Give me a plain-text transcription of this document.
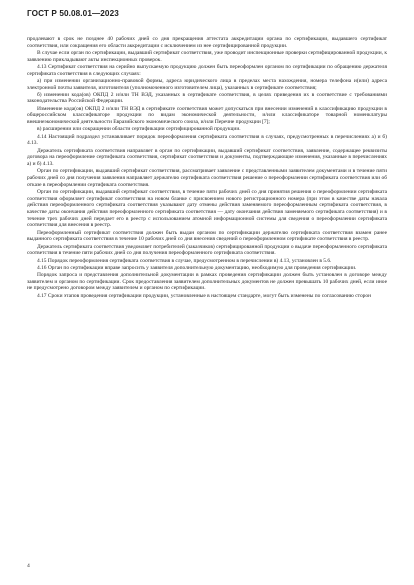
ГОСТ Р 50.08.01—2023

продлевают в срок не позднее 40 рабочих дней со дня прекращения аттестата аккредитации органа по сертификации, выдавшего сертификат соответствия, или сокращения его области аккредитации с исключением из нее сертифицированной продукции.

В случае если орган по сертификации, выдавший сертификат соответствия, уже проводит инспекционные проверки сертифицированной продукции, к заявлению прикладывают акты инспекционных проверок.

4.13 Сертификат соответствия на серийно выпускаемую продукцию должен быть переоформлен органом по сертификации по обращению держателя сертификата соответствия в следующих случаях:

а) при изменении организационно-правовой формы, адреса юридического лица в пределах места нахождения, номера телефона и(или) адреса электронной почты заявителя, изготовителя (уполномоченного изготовителем лица), указанных в сертификате соответствия;

б) изменении кода(ов) ОКПД 2 и/или ТН ВЭД, указанных в сертификате соответствия, в целях приведения их в соответствие с требованиями законодательства Российской Федерации.

Изменение кода(ов) ОКПД 2 и/или ТН ВЭД в сертификате соответствия может допускаться при внесении изменений в классификацию продукции в общероссийском классификаторе продукции по видам экономической деятельности, и/или классификаторе товарной номенклатуры внешнеэкономической деятельности Евразийского экономического союза, и/или Перечне продукции [7];

в) расширении или сокращении области сертификации сертифицированной продукции.

4.14 Настоящий подраздел устанавливает порядок переоформления сертификата соответствия в случаях, предусмотренных в перечислениях а) и б) 4.13.

Держатель сертификата соответствия направляет в орган по сертификации, выдавший сертификат соответствия, заявление, содержащее реквизиты договора на переоформление сертификата соответствия, сертификат соответствия и документы, подтверждающие изменения, указанные в перечислениях а) и б) 4.13.

Орган по сертификации, выдавший сертификат соответствия, рассматривает заявление с представленными заявителем документами и в течение пяти рабочих дней со дня получения заявления направляет держателю сертификата соответствия решение о переоформлении сертификата соответствия или об отказе в переоформлении сертификата соответствия.

Орган по сертификации, выдавший сертификат соответствия, в течение пяти рабочих дней со дня принятия решения о переоформлении сертификата соответствия оформляет сертификат соответствия на новом бланке с присвоением нового регистрационного номера (при этом в качестве даты начала действия переоформленного сертификата соответствия указывают дату отмены действия заменяемого переоформленным сертификата соответствия, в качестве даты окончания действия переоформленного сертификата соответствия — дату окончания действия заменяемого сертификата соответствия) и в течение трех рабочих дней передает его в реестр с использованием атомной информационной системы для сведения о переоформлении сертификата соответствия для внесения в реестр.

Переоформленный сертификат соответствия должен быть выдан органом по сертификации держателю сертификата соответствия взамен ранее выданного сертификата соответствия в течение 10 рабочих дней со дня внесения сведений о переоформленном сертификате соответствия в реестр.

Держатель сертификата соответствия уведомляет потребителей (заказчиков) сертифицированной продукции о выдаче переоформленного сертификата соответствия в течение пяти рабочих дней со дня получения переоформленного сертификата соответствия.

4.15 Порядок переоформления сертификата соответствия в случае, предусмотренном в перечислении в) 4.13, установлен в 5.6.

4.16 Орган по сертификации вправе запросить у заявителя дополнительную документацию, необходимую для проведения сертификации.

Порядок запроса и представления дополнительной документации в рамках проведения сертификации должен быть установлен в договоре между заявителем и органом по сертификации. Срок предоставления заявителем дополнительных документов не должен превышать 10 рабочих дней, если иное не предусмотрено договором между заявителем и органом по сертификации.

4.17 Сроки этапов проведения сертификации продукции, установленные в настоящем стандарте, могут быть изменены по согласованию сторон

4
